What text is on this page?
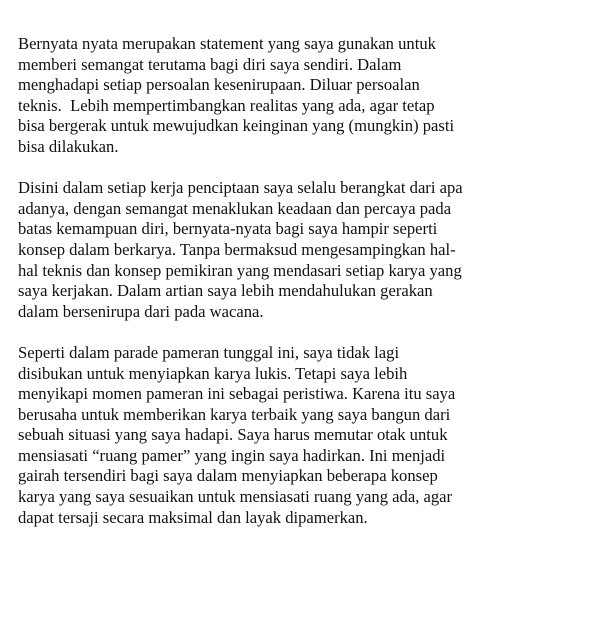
Bernyata nyata merupakan statement yang saya gunakan untuk
memberi semangat terutama bagi diri saya sendiri. Dalam
menghadapi setiap persoalan kesenirupaan. Diluar persoalan
teknis.  Lebih mempertimbangkan realitas yang ada, agar tetap
bisa bergerak untuk mewujudkan keinginan yang (mungkin) pasti
bisa dilakukan.
Disini dalam setiap kerja penciptaan saya selalu berangkat dari apa
adanya, dengan semangat menaklukan keadaan dan percaya pada
batas kemampuan diri, bernyata-nyata bagi saya hampir seperti
konsep dalam berkarya. Tanpa bermaksud mengesampingkan hal-
hal teknis dan konsep pemikiran yang mendasari setiap karya yang
saya kerjakan. Dalam artian saya lebih mendahulukan gerakan
dalam bersenirupa dari pada wacana.
Seperti dalam parade pameran tunggal ini, saya tidak lagi
disibukan untuk menyiapkan karya lukis. Tetapi saya lebih
menyikapi momen pameran ini sebagai peristiwa. Karena itu saya
berusaha untuk memberikan karya terbaik yang saya bangun dari
sebuah situasi yang saya hadapi. Saya harus memutar otak untuk
mensiasati “ruang pamer” yang ingin saya hadirkan. Ini menjadi
gairah tersendiri bagi saya dalam menyiapkan beberapa konsep
karya yang saya sesuaikan untuk mensiasati ruang yang ada, agar
dapat tersaji secara maksimal dan layak dipamerkan.
